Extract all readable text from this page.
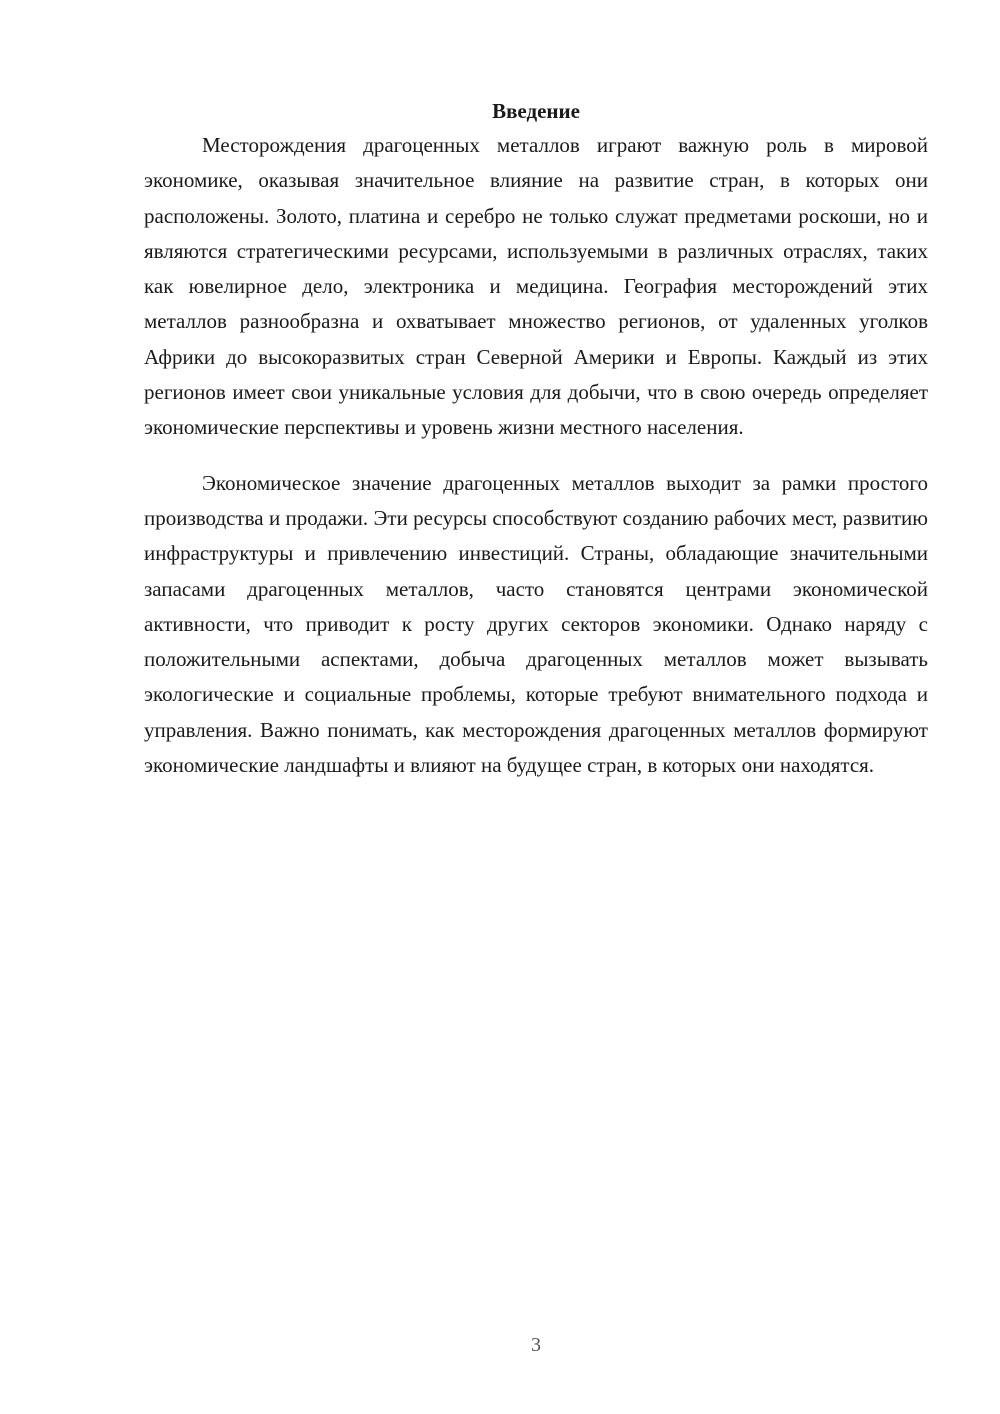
Введение

Месторождения драгоценных металлов играют важную роль в мировой экономике, оказывая значительное влияние на развитие стран, в которых они расположены. Золото, платина и серебро не только служат предметами роскоши, но и являются стратегическими ресурсами, используемыми в различных отраслях, таких как ювелирное дело, электроника и медицина. География месторождений этих металлов разнообразна и охватывает множество регионов, от удаленных уголков Африки до высокоразвитых стран Северной Америки и Европы. Каждый из этих регионов имеет свои уникальные условия для добычи, что в свою очередь определяет экономические перспективы и уровень жизни местного населения.

Экономическое значение драгоценных металлов выходит за рамки простого производства и продажи. Эти ресурсы способствуют созданию рабочих мест, развитию инфраструктуры и привлечению инвестиций. Страны, обладающие значительными запасами драгоценных металлов, часто становятся центрами экономической активности, что приводит к росту других секторов экономики. Однако наряду с положительными аспектами, добыча драгоценных металлов может вызывать экологические и социальные проблемы, которые требуют внимательного подхода и управления. Важно понимать, как месторождения драгоценных металлов формируют экономические ландшафты и влияют на будущее стран, в которых они находятся.

3
